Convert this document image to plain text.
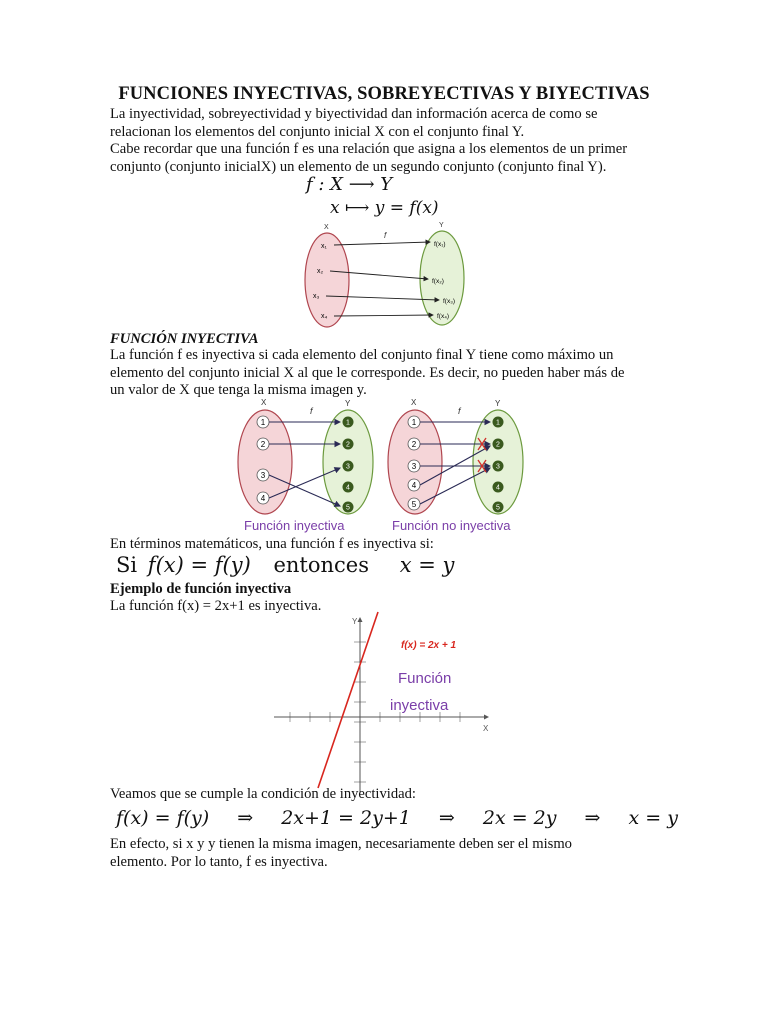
FUNCIONES INYECTIVAS, SOBREYECTIVAS Y BIYECTIVAS

La inyectividad, sobreyectividad y biyectividad dan información acerca de como se
relacionan los elementos del conjunto inicial X con el conjunto final Y.
Cabe recordar que una función f es una relación que asigna a los elementos de un primer
conjunto (conjunto inicialX) un elemento de un segundo conjunto (conjunto final Y).

f : X ⟶ Y
x ⟼ y = f(x)
X	Y
f
x₁
x₂
x₃
x₄
f(x₁)
f(x₂)
f(x₃)
f(x₄)
FUNCIÓN INYECTIVA

La función f es inyectiva si cada elemento del conjunto final Y tiene como máximo un
elemento del conjunto inicial X al que le corresponde. Es decir, no pueden haber más de
un valor de X que tenga la misma imagen y.

X	Y
f
1
2
3
4
1
2
3
4
5
X	Y
f
1
2
3
4
5
1
2
3
4
5
Función inyectiva	Función no inyectiva
En términos matemáticos, una función f es inyectiva si:
Si f(x) = f(y) entonces x = y
Ejemplo de función inyectiva
La función f(x) = 2x+1 es inyectiva.
Y
X
f(x) = 2x + 1
Función
inyectiva
Veamos que se cumple la condición de inyectividad:
f(x) = f(y) ⇒ 2x+1 = 2y+1 ⇒ 2x = 2y ⇒ x = y

En efecto, si x y y tienen la misma imagen, necesariamente deben ser el mismo
elemento. Por lo tanto, f es inyectiva.
